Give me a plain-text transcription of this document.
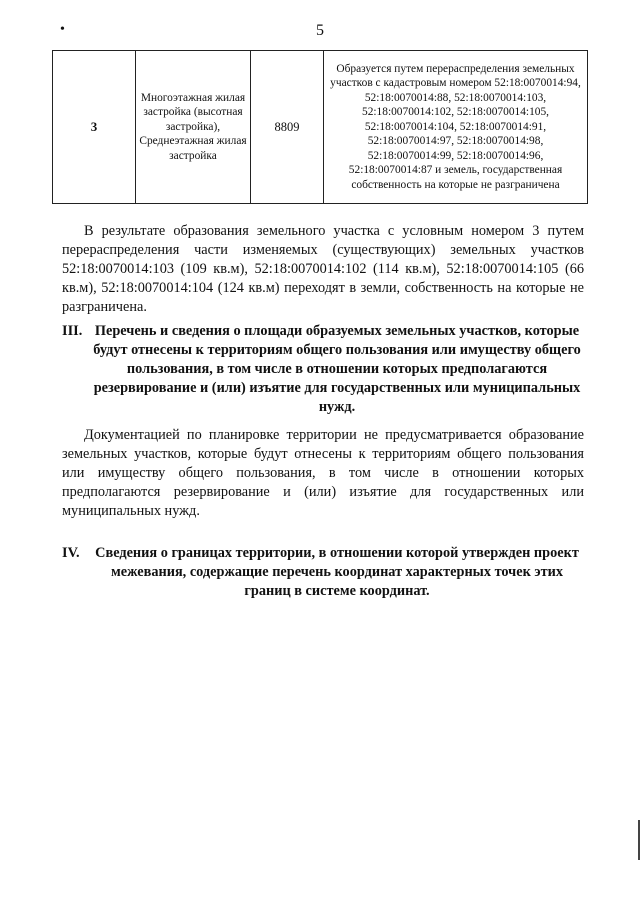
•	5
3	Многоэтажная жилая застройка (высотная застройка), Среднеэтажная жилая застройка	8809	Образуется путем перераспределения земельных участков с кадастровым номером 52:18:0070014:94, 52:18:0070014:88, 52:18:0070014:103, 52:18:0070014:102, 52:18:0070014:105, 52:18:0070014:104, 52:18:0070014:91, 52:18:0070014:97, 52:18:0070014:98, 52:18:0070014:99, 52:18:0070014:96, 52:18:0070014:87 и земель, государственная собственность на которые не разграничена

В результате образования земельного участка с условным номером 3 путем перераспределения части изменяемых (существующих) земельных участков 52:18:0070014:103 (109 кв.м), 52:18:0070014:102 (114 кв.м), 52:18:0070014:105 (66 кв.м), 52:18:0070014:104 (124 кв.м) переходят в земли, собственность на которые не разграничена.

III. Перечень и сведения о площади образуемых земельных участков, которые будут отнесены к территориям общего пользования или имуществу общего пользования, в том числе в отношении которых предполагаются резервирование и (или) изъятие для государственных или муниципальных нужд.

Документацией по планировке территории не предусматривается образование земельных участков, которые будут отнесены к территориям общего пользования или имуществу общего пользования, в том числе в отношении которых предполагаются резервирование и (или) изъятие для государственных или муниципальных нужд.

IV.	Сведения о границах территории, в отношении которой утвержден проект межевания, содержащие перечень координат характерных точек этих границ в системе координат.
